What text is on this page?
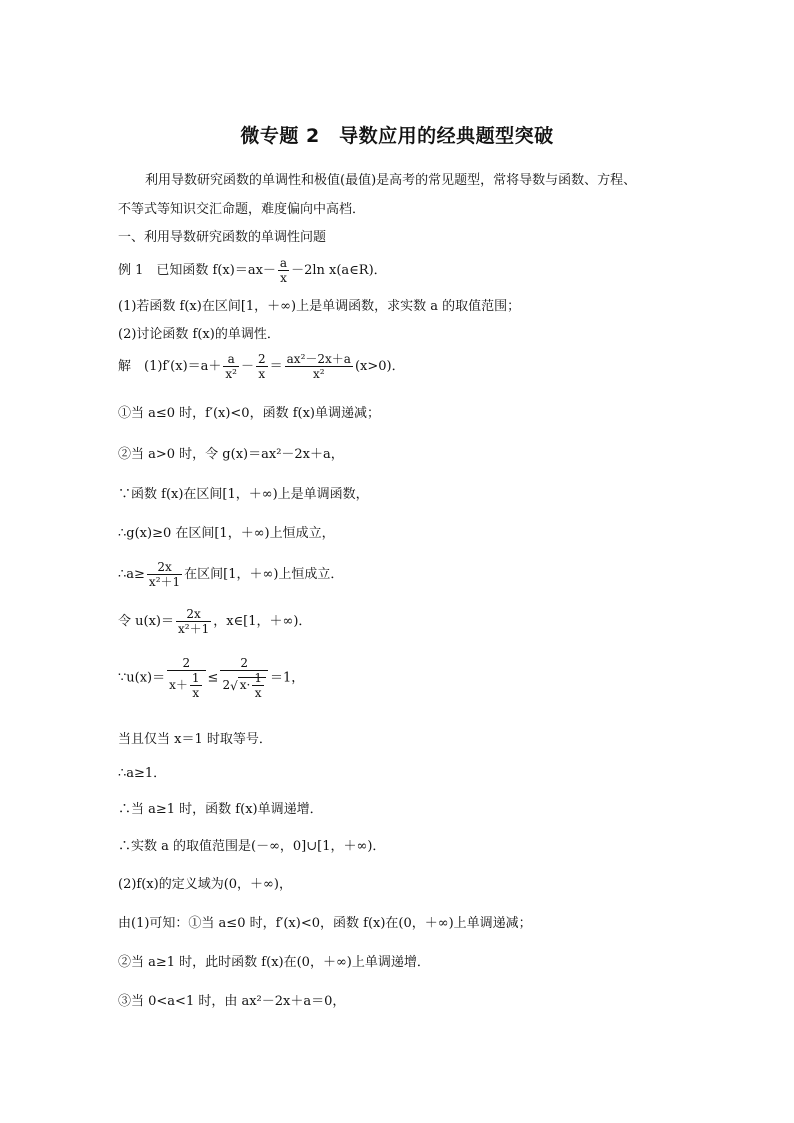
微专题 2　导数应用的经典题型突破
利用导数研究函数的单调性和极值(最值)是高考的常见题型，常将导数与函数、方程、
不等式等知识交汇命题，难度偏向中高档．
一、利用导数研究函数的单调性问题
例 1　已知函数 $f(x)=ax- \frac{a}{x} -2\ln$ x(a∈R)．
(1)若函数 f(x)在区间[1，＋∞)上是单调函数，求实数 a 的取值范围；
(2)讨论函数 f(x)的单调性．
解　$(1)f'(x)=a+ \frac{a}{\text{x²}} - \frac{2}{x} = \frac{\text{ax²－2x＋a}}{\text{x²}} (x>0)$．
①当 a≤0 时，f′(x)<0，函数 f(x)单调递减；
②当 a>0 时，令 g(x)＝ax²－2x＋a，
∵函数 f(x)在区间[1，＋∞)上是单调函数，
∴g(x)≥0 在区间[1，＋∞)上恒成立，
∴a≥ $\frac{2x}{\text{x²＋1}}$ 在区间[1，＋∞)上恒成立．
令 $u(x)= \frac{2x}{\text{x²＋1}}$ ，x∈[1，＋∞)．
∵u(x)＝ $\frac{2}{x+ \frac{1}{x}} \le \frac{2}{2√ x\cdot \frac{1}{x}} =1$，
当且仅当 x＝1 时取等号．
∴a≥1．
∴当 a≥1 时，函数 f(x)单调递增．
∴实数 a 的取值范围是(－∞，0]∪[1，＋∞)．
(2)f(x)的定义域为(0，＋∞)，
由(1)可知：①当 a≤0 时，f′(x)<0，函数 f(x)在(0，＋∞)上单调递减；
②当 a≥1 时，此时函数 f(x)在(0，＋∞)上单调递增．
③当 0<a<1 时，由 ax²－2x＋a＝0，
